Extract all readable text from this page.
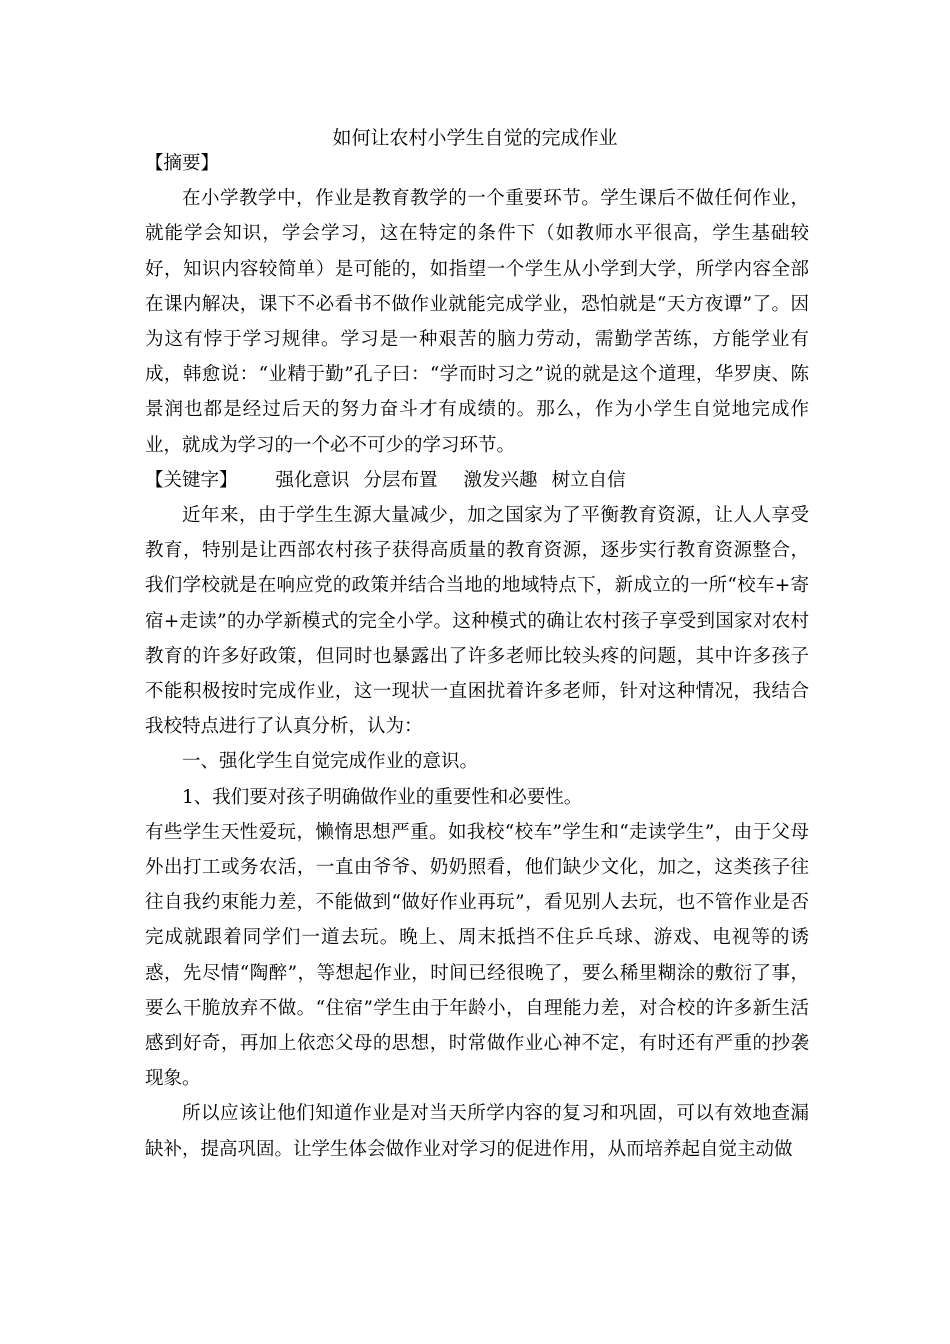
如何让农村小学生自觉的完成作业

【摘要】

在小学教学中，作业是教育教学的一个重要环节。学生课后不做任何作业，就能学会知识，学会学习，这在特定的条件下（如教师水平很高，学生基础较好，知识内容较简单）是可能的，如指望一个学生从小学到大学，所学内容全部在课内解决，课下不必看书不做作业就能完成学业，恐怕就是“天方夜谭”了。因为这有悖于学习规律。学习是一种艰苦的脑力劳动，需勤学苦练，方能学业有成，韩愈说：“业精于勤”孔子曰：“学而时习之”说的就是这个道理，华罗庚、陈景润也都是经过后天的努力奋斗才有成绩的。那么，作为小学生自觉地完成作业，就成为学习的一个必不可少的学习环节。

【关键字】 强化意识 分层布置 激发兴趣 树立自信

近年来，由于学生生源大量减少，加之国家为了平衡教育资源，让人人享受教育，特别是让西部农村孩子获得高质量的教育资源，逐步实行教育资源整合，我们学校就是在响应党的政策并结合当地的地域特点下，新成立的一所“校车+寄宿+走读”的办学新模式的完全小学。这种模式的确让农村孩子享受到国家对农村教育的许多好政策，但同时也暴露出了许多老师比较头疼的问题，其中许多孩子不能积极按时完成作业，这一现状一直困扰着许多老师，针对这种情况，我结合我校特点进行了认真分析，认为：

一、强化学生自觉完成作业的意识。

1、我们要对孩子明确做作业的重要性和必要性。

有些学生天性爱玩，懒惰思想严重。如我校“校车”学生和“走读学生”，由于父母外出打工或务农活，一直由爷爷、奶奶照看，他们缺少文化，加之，这类孩子往往自我约束能力差，不能做到“做好作业再玩”，看见别人去玩，也不管作业是否完成就跟着同学们一道去玩。晚上、周末抵挡不住乒乓球、游戏、电视等的诱惑，先尽情“陶醉”，等想起作业，时间已经很晚了，要么稀里糊涂的敷衍了事，要么干脆放弃不做。“住宿”学生由于年龄小，自理能力差，对合校的许多新生活感到好奇，再加上依恋父母的思想，时常做作业心神不定，有时还有严重的抄袭现象。

所以应该让他们知道作业是对当天所学内容的复习和巩固，可以有效地查漏缺补，提高巩固。让学生体会做作业对学习的促进作用，从而培养起自觉主动做
